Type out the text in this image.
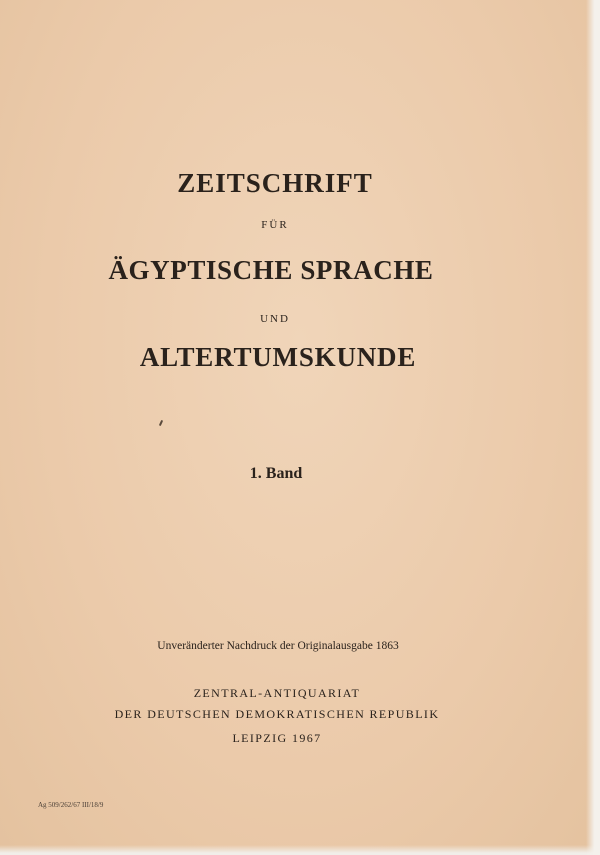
ZEITSCHRIFT
FÜR
ÄGYPTISCHE SPRACHE
UND
ALTERTUMSKUNDE
1. Band
Unveränderter Nachdruck der Originalausgabe 1863
ZENTRAL-ANTIQUARIAT
DER DEUTSCHEN DEMOKRATISCHEN REPUBLIK
LEIPZIG 1967
Ag 509/262/67 III/18/9
